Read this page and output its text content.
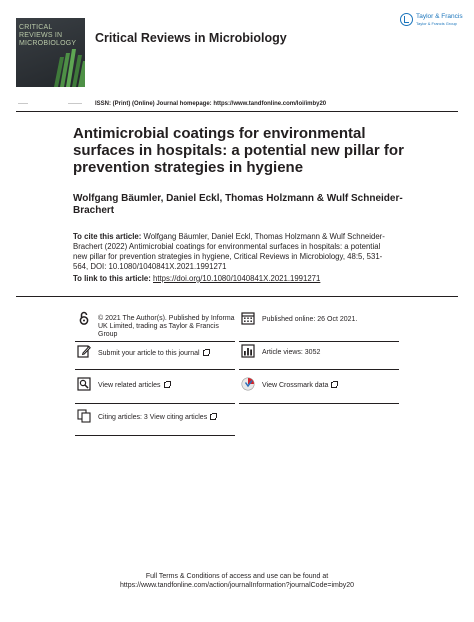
CRITICAL REVIEWS IN MICROBIOLOGY	Critical Reviews in Microbiology
Taylor & Francis
Taylor & Francis Group
ISSN: (Print) (Online) Journal homepage: https://www.tandfonline.com/loi/imby20
Antimicrobial coatings for environmental surfaces in hospitals: a potential new pillar for prevention strategies in hygiene
Wolfgang Bäumler, Daniel Eckl, Thomas Holzmann & Wulf Schneider-Brachert
To cite this article: Wolfgang Bäumler, Daniel Eckl, Thomas Holzmann & Wulf Schneider-Brachert (2022) Antimicrobial coatings for environmental surfaces in hospitals: a potential new pillar for prevention strategies in hygiene, Critical Reviews in Microbiology, 48:5, 531-564, DOI: 10.1080/1040841X.2021.1991271
To link to this article: https://doi.org/10.1080/1040841X.2021.1991271
© 2021 The Author(s). Published by Informa UK Limited, trading as Taylor & Francis Group
Published online: 26 Oct 2021.
Submit your article to this journal	Article views: 3052
View related articles	View Crossmark data
Citing articles: 3 View citing articles
Full Terms & Conditions of access and use can be found at
https://www.tandfonline.com/action/journalInformation?journalCode=imby20
